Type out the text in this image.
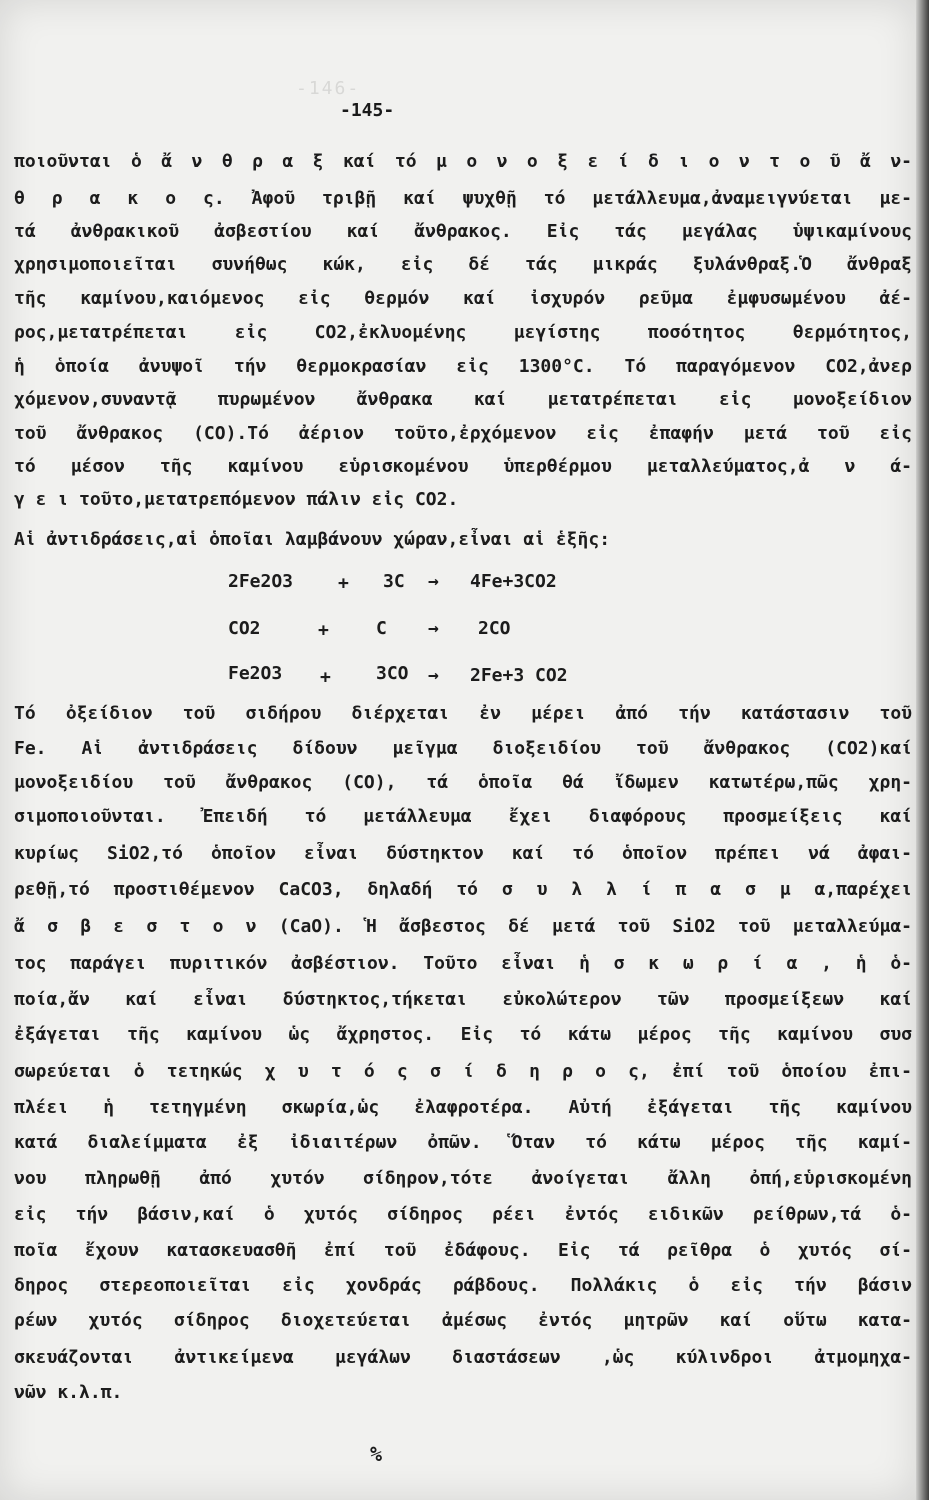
-146-
-145-
ποιοῦνται ὁ ἄ ν θ ρ α ξ καί τό μ ο ν ο ξ ε ί δ ι ο ν τ ο ῦ ἄ ν-
θ ρ α κ ο ς. Ἀφοῦ τριβῇ καί ψυχθῇ τό μετάλλευμα,ἀναμειγνύεται με-
τά ἀνθρακικοῦ ἀσβεστίου καί ἄνθρακος. Εἰς τάς μεγάλας ὑψικαμίνους
χρησιμοποιεῖται συνήθως κώκ, εἰς δέ τάς μικράς ξυλάνθραξ.Ὁ ἄνθραξ
τῆς καμίνου,καιόμενος εἰς θερμόν καί ἰσχυρόν ρεῦμα ἐμφυσωμένου ἀέ-
ρος,μετατρέπεται εἰς CO2,ἐκλυομένης μεγίστης ποσότητος θερμότητος,
ἡ ὁποία ἀνυψοῖ τήν θερμοκρασίαν εἰς 1300°C. Τό παραγόμενον CO2,ἀνερ
χόμενον,συναντᾷ πυρωμένον ἄνθρακα καί μετατρέπεται εἰς μονοξείδιον
τοῦ ἄνθρακος (CO).Τό ἀέριον τοῦτο,ἐρχόμενον εἰς ἐπαφήν μετά τοῦ εἰς
τό μέσον τῆς καμίνου εὑρισκομένου ὑπερθέρμου μεταλλεύματος,ἀ ν ά-
γ ε ι τοῦτο,μετατρεπόμενον πάλιν εἰς CO2.
Αἱ ἀντιδράσεις,αἱ ὁποῖαι λαμβάνουν χώραν,εἶναι αἱ ἑξῆς:
2Fe2O3 + 3C → 4Fe+3CO2
CO2	+	C → 2CO
Fe2O3 +	3CO → 2Fe+3 CO2
Τό ὀξείδιον τοῦ σιδήρου διέρχεται ἐν μέρει ἀπό τήν κατάστασιν τοῦ
Fe. Αἱ ἀντιδράσεις δίδουν μεῖγμα διοξειδίου τοῦ ἄνθρακος (CO2)καί
μονοξειδίου τοῦ ἄνθρακος (CO), τά ὁποῖα θά ἴδωμεν κατωτέρω,πῶς χρη-
σιμοποιοῦνται. Ἐπειδή τό μετάλλευμα ἔχει διαφόρους προσμείξεις καί
κυρίως SiO2,τό ὁποῖον εἶναι δύστηκτον καί τό ὁποῖον πρέπει νά ἀφαι-
ρεθῇ,τό προστιθέμενον CaCO3, δηλαδή τό σ υ λ λ ί π α σ μ α,παρέχει
ἄ σ β ε σ τ ο ν (CaO). Ἡ ἄσβεστος δέ μετά τοῦ SiO2 τοῦ μεταλλεύμα-
τος παράγει πυριτικόν ἀσβέστιον. Τοῦτο εἶναι ἡ σ κ ω ρ ί α , ἡ ὁ-
ποία,ἄν καί εἶναι δύστηκτος,τήκεται εὐκολώτερον τῶν προσμείξεων καί
ἐξάγεται τῆς καμίνου ὡς ἄχρηστος. Εἰς τό κάτω μέρος τῆς καμίνου συσ
σωρεύεται ὁ τετηκώς χ υ τ ό ς σ ί δ η ρ ο ς, ἐπί τοῦ ὁποίου ἐπι-
πλέει ἡ τετηγμένη σκωρία,ὡς ἐλαφροτέρα. Αὐτή ἐξάγεται τῆς καμίνου
κατά διαλείμματα ἐξ ἰδιαιτέρων ὀπῶν. Ὅταν τό κάτω μέρος τῆς καμί-
νου πληρωθῇ ἀπό χυτόν σίδηρον,τότε ἀνοίγεται ἄλλη ὀπή,εὑρισκομένη
εἰς τήν βάσιν,καί ὁ χυτός σίδηρος ρέει ἐντός ειδικῶν ρείθρων,τά ὁ-
ποῖα ἔχουν κατασκευασθῆ ἐπί τοῦ ἐδάφους. Εἰς τά ρεῖθρα ὁ χυτός σί-
δηρος στερεοποιεῖται εἰς χονδράς ράβδους. Πολλάκις ὁ εἰς τήν βάσιν
ρέων χυτός σίδηρος διοχετεύεται ἀμέσως ἐντός μητρῶν καί οὕτω κατα-
σκευάζονται ἀντικείμενα μεγάλων διαστάσεων ,ὡς κύλινδροι ἀτμομηχα-
νῶν κ.λ.π.
%
